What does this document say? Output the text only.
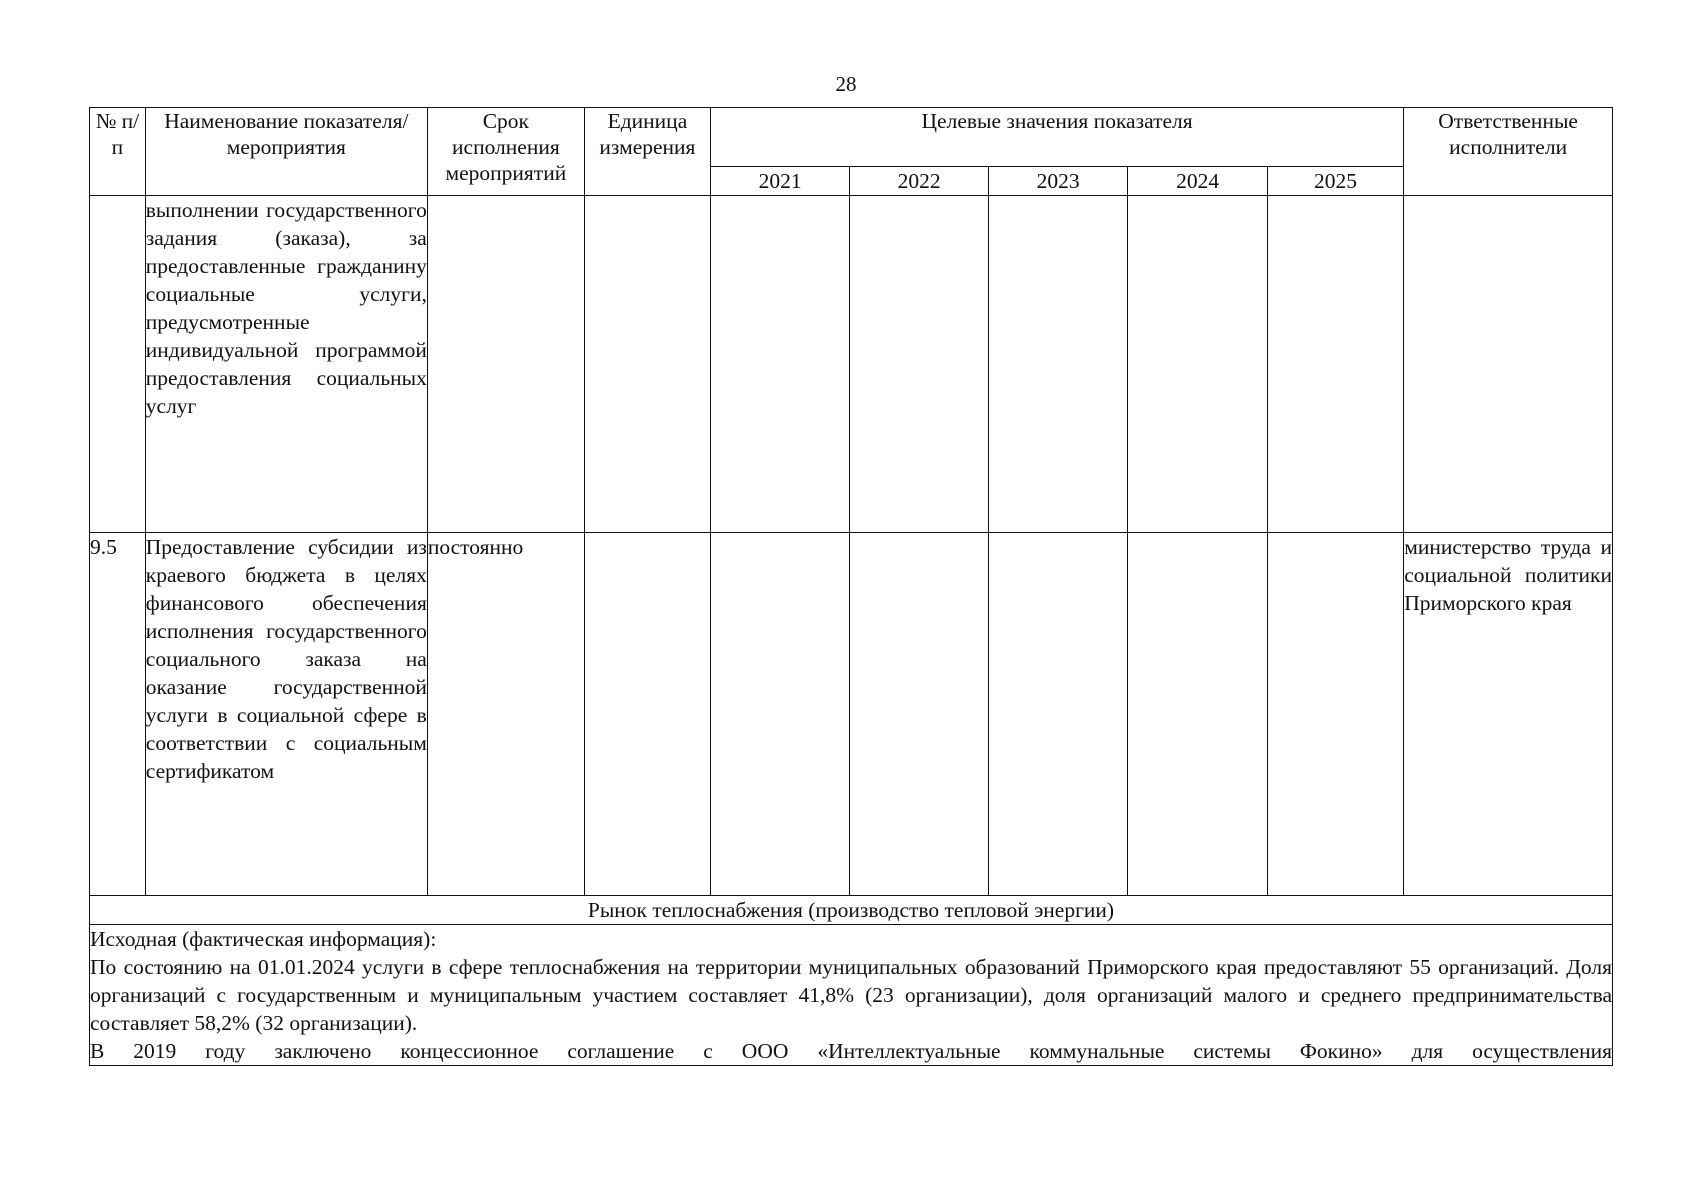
28
№ п/п	Наименование показателя/мероприятия	Срок исполнения мероприятий	Единица измерения	Целевые значения показателя					Ответственные исполнители
				2021	2022	2023	2024	2025	
	выполнении государственного задания (заказа), за предоставленные гражданину социальные услуги, предусмотренные индивидуальной программой предоставления социальных услуг								
9.5	Предоставление субсидии из краевого бюджета в целях финансового обеспечения исполнения государственного социального заказа на оказание государственной услуги в социальной сфере в соответствии с социальным сертификатом	постоянно							министерство труда и социальной политики Приморского края
Рынок теплоснабжения (производство тепловой энергии)									

Исходная (фактическая информация):

По состоянию на 01.01.2024 услуги в сфере теплоснабжения на территории муниципальных образований Приморского края предоставляют 55 организаций. Доля организаций с государственным и муниципальным участием составляет 41,8% (23 организации), доля организаций малого и среднего предпринимательства составляет 58,2% (32 организации).

В 2019 году заключено концессионное соглашение с ООО «Интеллектуальные коммунальные системы Фокино» для осуществления									
